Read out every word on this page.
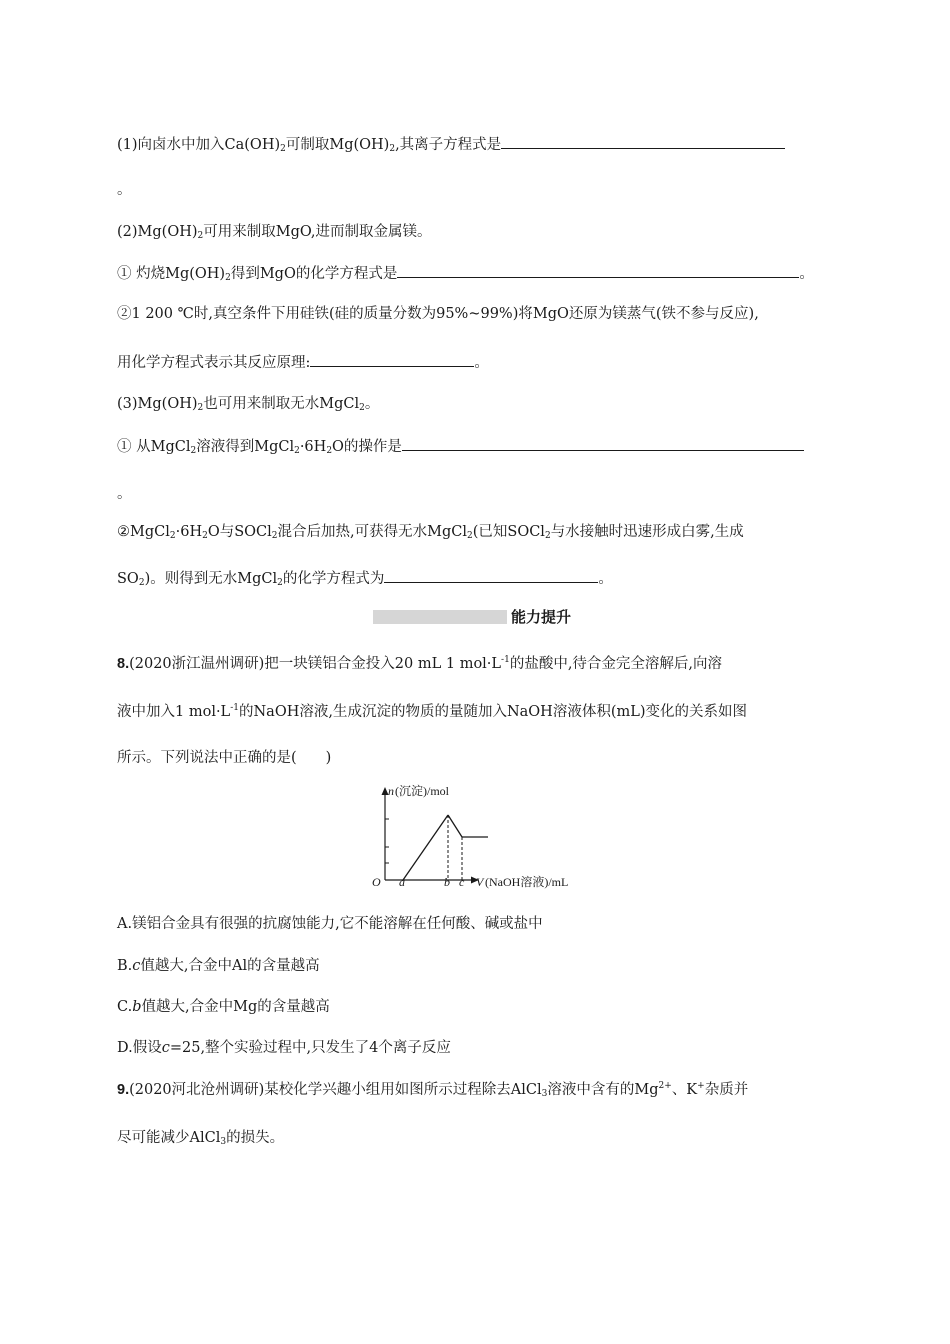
(1)向卤水中加入$Ca(OH)_2$可制取$Mg(OH)_2$,其离子方程式是
。
$(2)Mg(OH)_2$可用来制取MgO,进而制取金属镁。
① 灼烧$Mg(OH)_2$得到MgO的化学方程式是	。
②1 200 ℃时,真空条件下用硅铁(硅的质量分数为95%~99%)将MgO还原为镁蒸气(铁不参与反应),
用化学方程式表示其反应原理:	。
$(3)Mg(OH)_2$也可用来制取无水MgCl$_2$。
① 从MgCl$_2$溶液得到$MgCl_2\cdot 6H_2O$的操作是
。
$②MgCl_2\cdot 6H_2O$与SOCl$_2$混合后加热,可获得无水MgCl$_2$(已知SOCl$_2$与水接触时迅速形成白雾,生成
$SO_2$)。则得到无水MgCl$_2$的化学方程式为	。
能力提升
8.(2020浙江温州调研)把一块镁铝合金投入20 mL 1 $mol\cdot L^{-1}$的盐酸中,待合金完全溶解后,向溶
液中加入1 $mol\cdot L^{-1}$的NaOH溶液,生成沉淀的物质的量随加入NaOH溶液体积(mL)变化的关系如图
所示。下列说法中正确的是(　　)
n (沉淀)/mol
O a	b c V (NaOH溶液)/mL
A.镁铝合金具有很强的抗腐蚀能力,它不能溶解在任何酸、碱或盐中
B.c值越大,合金中Al的含量越高
C.b值越大,合金中Mg的含量越高
D.假设c=25,整个实验过程中,只发生了4个离子反应
9.(2020河北沧州调研)某校化学兴趣小组用如图所示过程除去AlCl$_3$溶液中含有的$Mg^{2+}$、K+杂质并
尽可能减少AlCl$_3$的损失。
